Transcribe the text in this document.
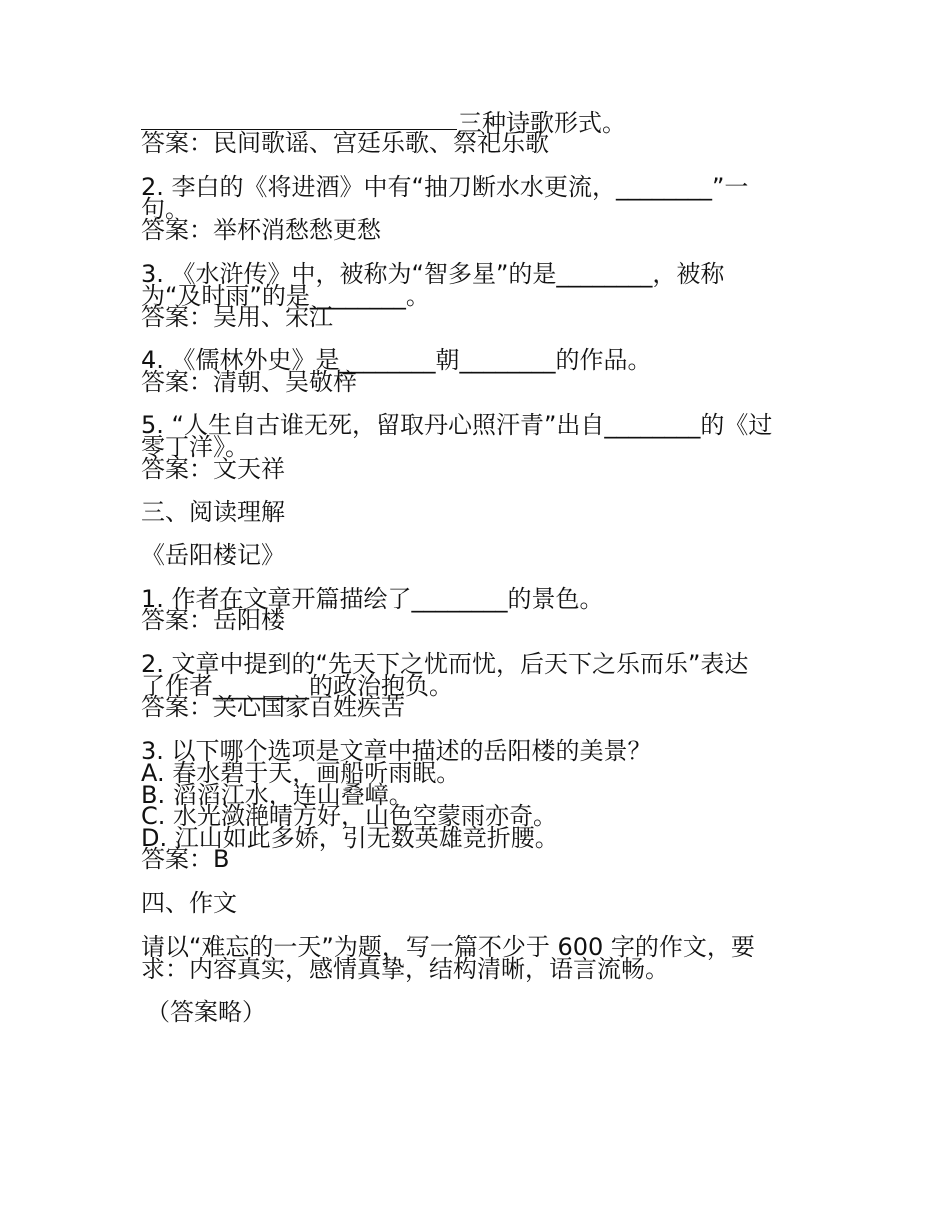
三种诗歌形式。
答案：民间歌谣、宫廷乐歌、祭祀乐歌
2. 李白的《将进酒》中有“抽刀断水水更流，________”一
句。
答案：举杯消愁愁更愁
3. 《水浒传》中，被称为“智多星”的是________，被称
为“及时雨”的是________。
答案：吴用、宋江
4. 《儒林外史》是________朝________的作品。
答案：清朝、吴敬梓
5. “人生自古谁无死，留取丹心照汗青”出自________的《过
零丁洋》。
答案：文天祥
三、阅读理解
《岳阳楼记》
1. 作者在文章开篇描绘了________的景色。
答案：岳阳楼
2. 文章中提到的“先天下之忧而忧，后天下之乐而乐”表达
了作者________的政治抱负。
答案：关心国家百姓疾苦
3. 以下哪个选项是文章中描述的岳阳楼的美景？
A. 春水碧于天，画船听雨眠。
B. 滔滔江水，连山叠嶂。
C. 水光潋滟晴方好，山色空蒙雨亦奇。
D. 江山如此多娇，引无数英雄竞折腰。
答案：B
四、作文
请以“难忘的一天”为题，写一篇不少于 600 字的作文，要
求：内容真实，感情真挚，结构清晰，语言流畅。
（答案略）
